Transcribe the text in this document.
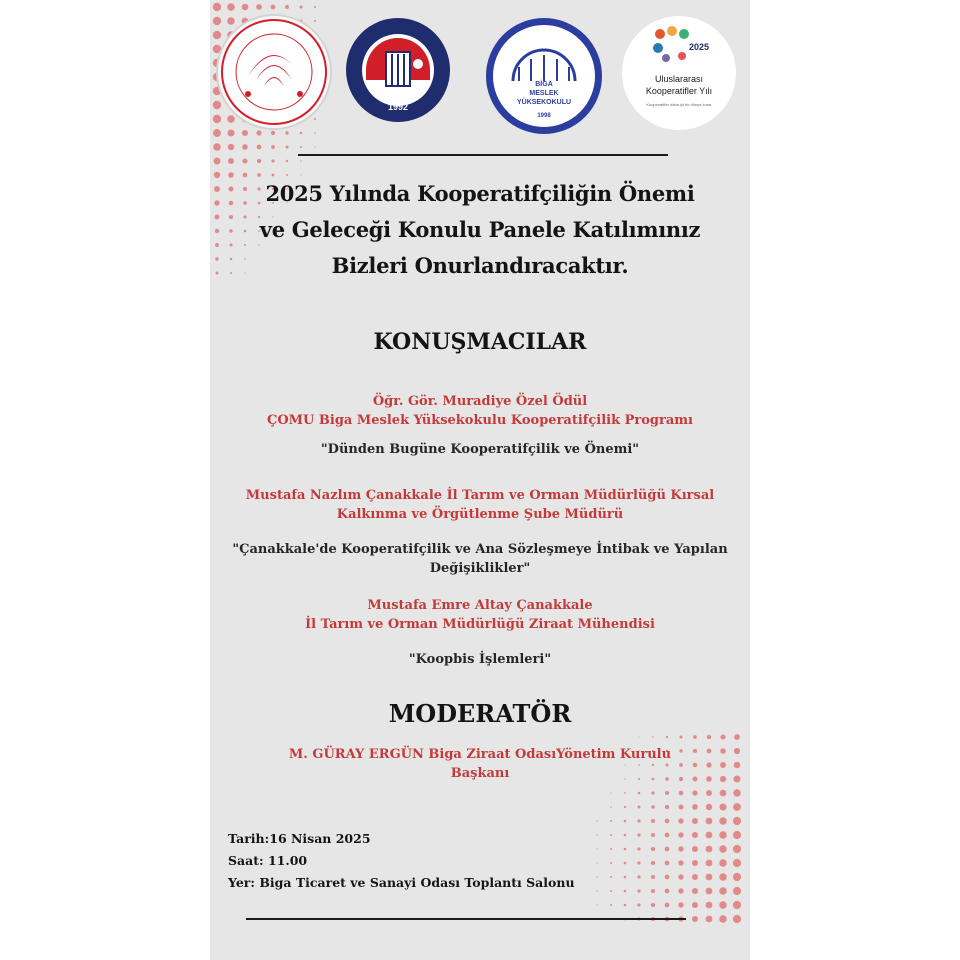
1992
BİGA
MESLEK
YÜKSEKOKULU
1998
2025
Uluslararası
Kooperatifler Yılı
Kooperatifler daha iyi bir dünya kurar
2025 Yılında Kooperatifçiliğin Önemi
ve Geleceği Konulu Panele Katılımınız
Bizleri Onurlandıracaktır.
KONUŞMACILAR
Öğr. Gör. Muradiye Özel Ödül
ÇOMU Biga Meslek Yüksekokulu Kooperatifçilik Programı
"Dünden Bugüne Kooperatifçilik ve Önemi"
Mustafa Nazlım Çanakkale İl Tarım ve Orman Müdürlüğü Kırsal
Kalkınma ve Örgütlenme Şube Müdürü
"Çanakkale'de Kooperatifçilik ve Ana Sözleşmeye İntibak ve Yapılan
Değişiklikler"
Mustafa Emre Altay Çanakkale
İl Tarım ve Orman Müdürlüğü Ziraat Mühendisi
"Koopbis İşlemleri"
MODERATÖR
M. GÜRAY ERGÜN Biga Ziraat OdasıYönetim Kurulu
Başkanı
Tarih:16 Nisan 2025
Saat: 11.00
Yer: Biga Ticaret ve Sanayi Odası Toplantı Salonu
